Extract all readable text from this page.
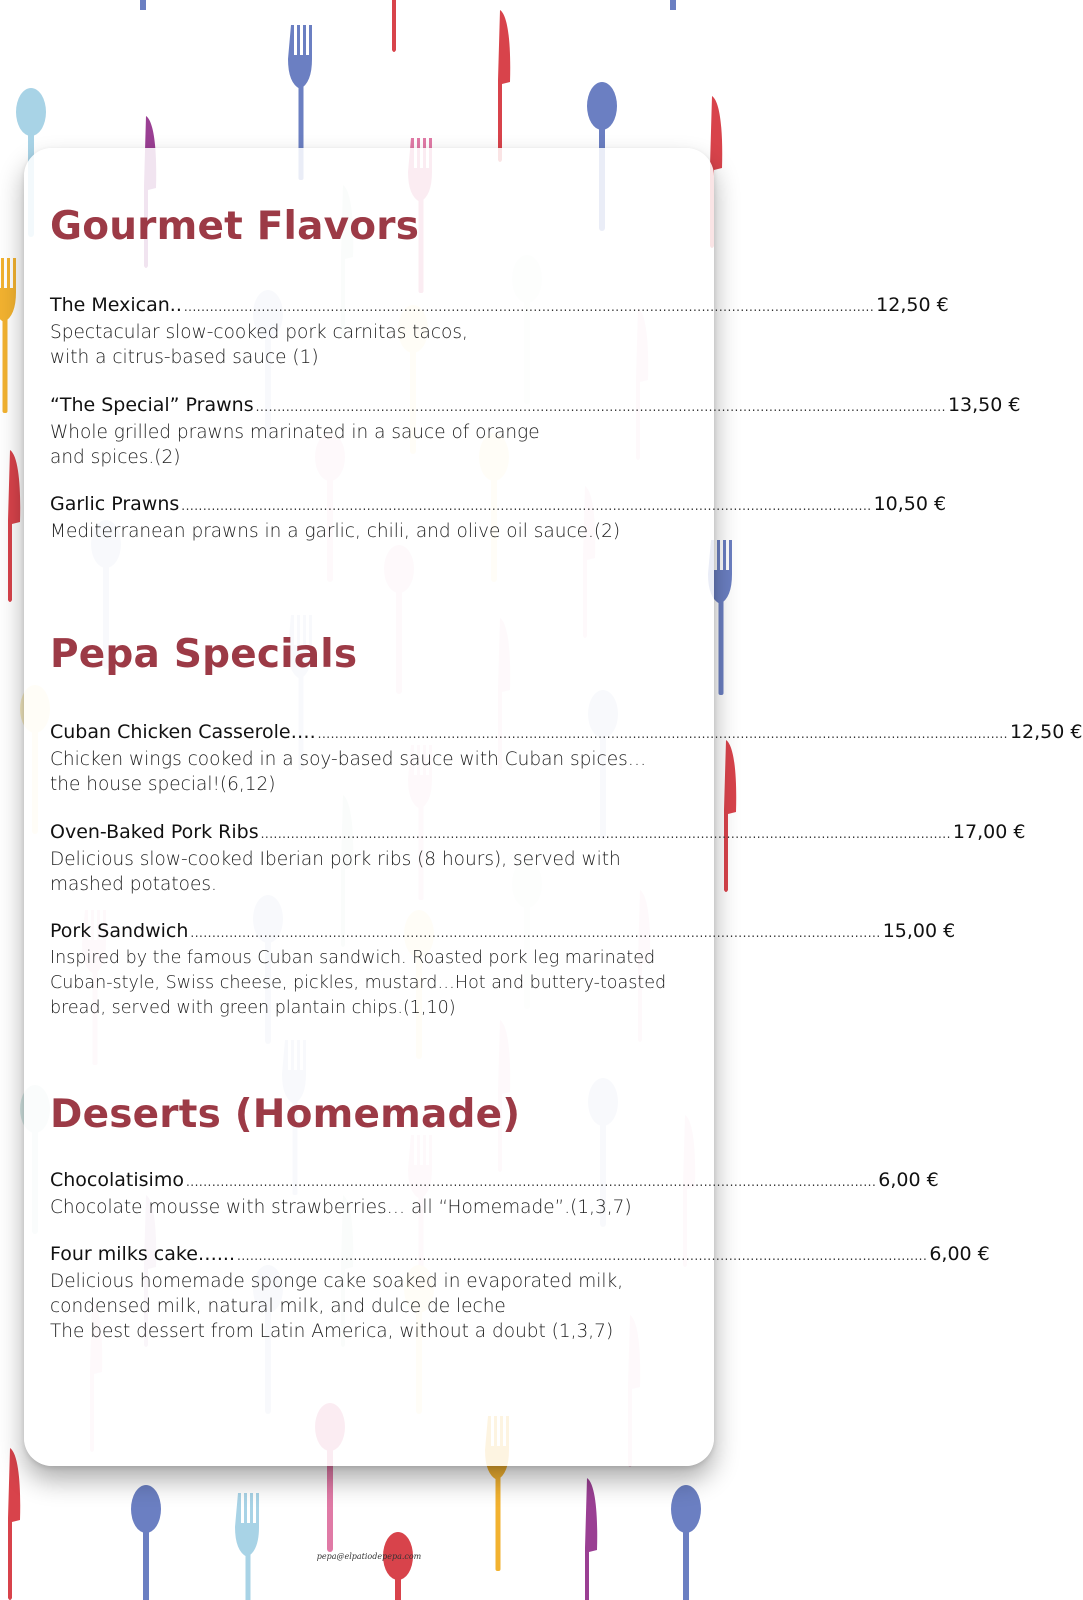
Gourmet Flavors
The Mexican.. ................................................................................................................................................................ 12,50 €
Spectacular slow-cooked pork carnitas tacos,
with a citrus-based sauce (1)
“The Special” Prawns ................................................................................................................................................................ 13,50 €
Whole grilled prawns marinated in a sauce of orange
and spices.(2)
Garlic Prawns ................................................................................................................................................................ 10,50 €
Mediterranean prawns in a garlic, chili, and olive oil sauce.(2)
Pepa Specials
Cuban Chicken Casserole…. ................................................................................................................................................................ 12,50 €
Chicken wings cooked in a soy-based sauce with Cuban spices…
the house special!(6,12)
Oven-Baked Pork Ribs ................................................................................................................................................................ 17,00 €
Delicious slow-cooked Iberian pork ribs (8 hours), served with
mashed potatoes.
Pork Sandwich ................................................................................................................................................................ 15,00 €
Inspired by the famous Cuban sandwich. Roasted pork leg marinated
Cuban-style, Swiss cheese, pickles, mustard…Hot and buttery-toasted
bread, served with green plantain chips.(1,10)
Deserts (Homemade)
Chocolatisimo ................................................................................................................................................................ 6,00 €
Chocolate mousse with strawberries… all “Homemade”.(1,3,7)
Four milks cake…... ................................................................................................................................................................ 6,00 €
Delicious homemade sponge cake soaked in evaporated milk,
condensed milk, natural milk, and dulce de leche
The best dessert from Latin America, without a doubt (1,3,7)
pepa@elpatiodepepa.com
